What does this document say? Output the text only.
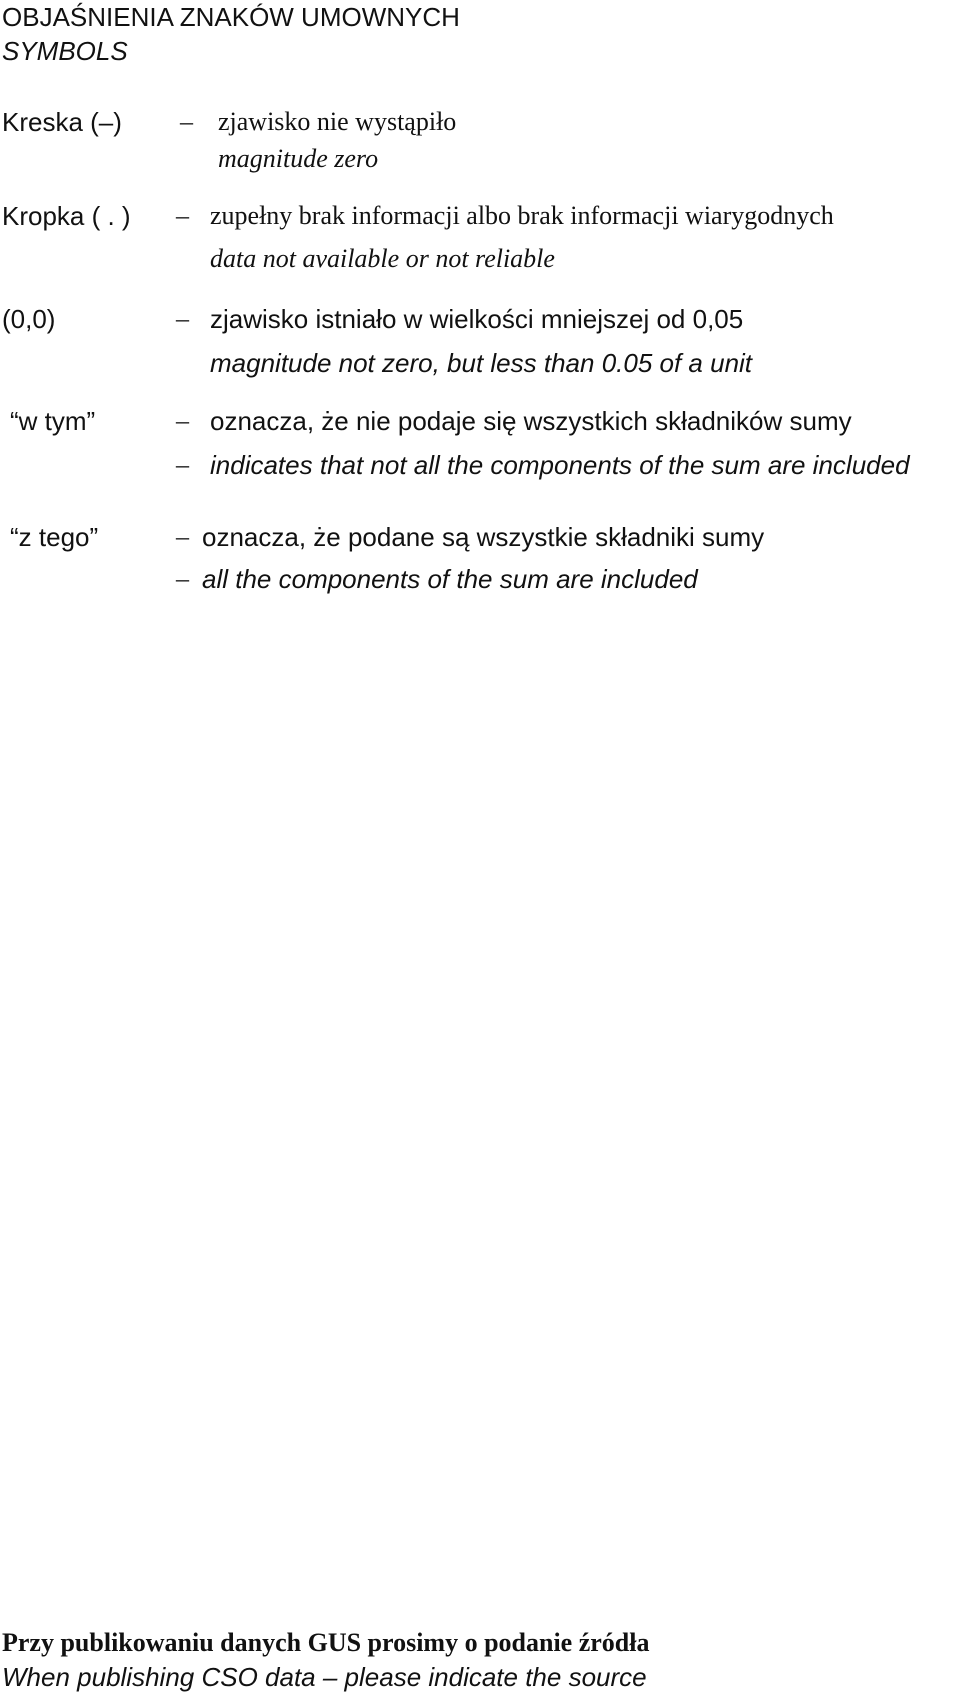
OBJAŚNIENIA ZNAKÓW UMOWNYCH
SYMBOLS
Kreska (–) – zjawisko nie wystąpiło
magnitude zero
Kropka ( . ) – zupełny brak informacji albo brak informacji wiarygodnych
data not available or not reliable
(0,0)	– zjawisko istniało w wielkości mniejszej od 0,05
magnitude not zero, but less than 0.05 of a unit
“w tym”	– oznacza, że nie podaje się wszystkich składników sumy
– indicates that not all the components of the sum are included
“z tego”	– oznacza, że podane są wszystkie składniki sumy
– all the components of the sum are included
Przy publikowaniu danych GUS prosimy o podanie źródła
When publishing CSO data – please indicate the source
